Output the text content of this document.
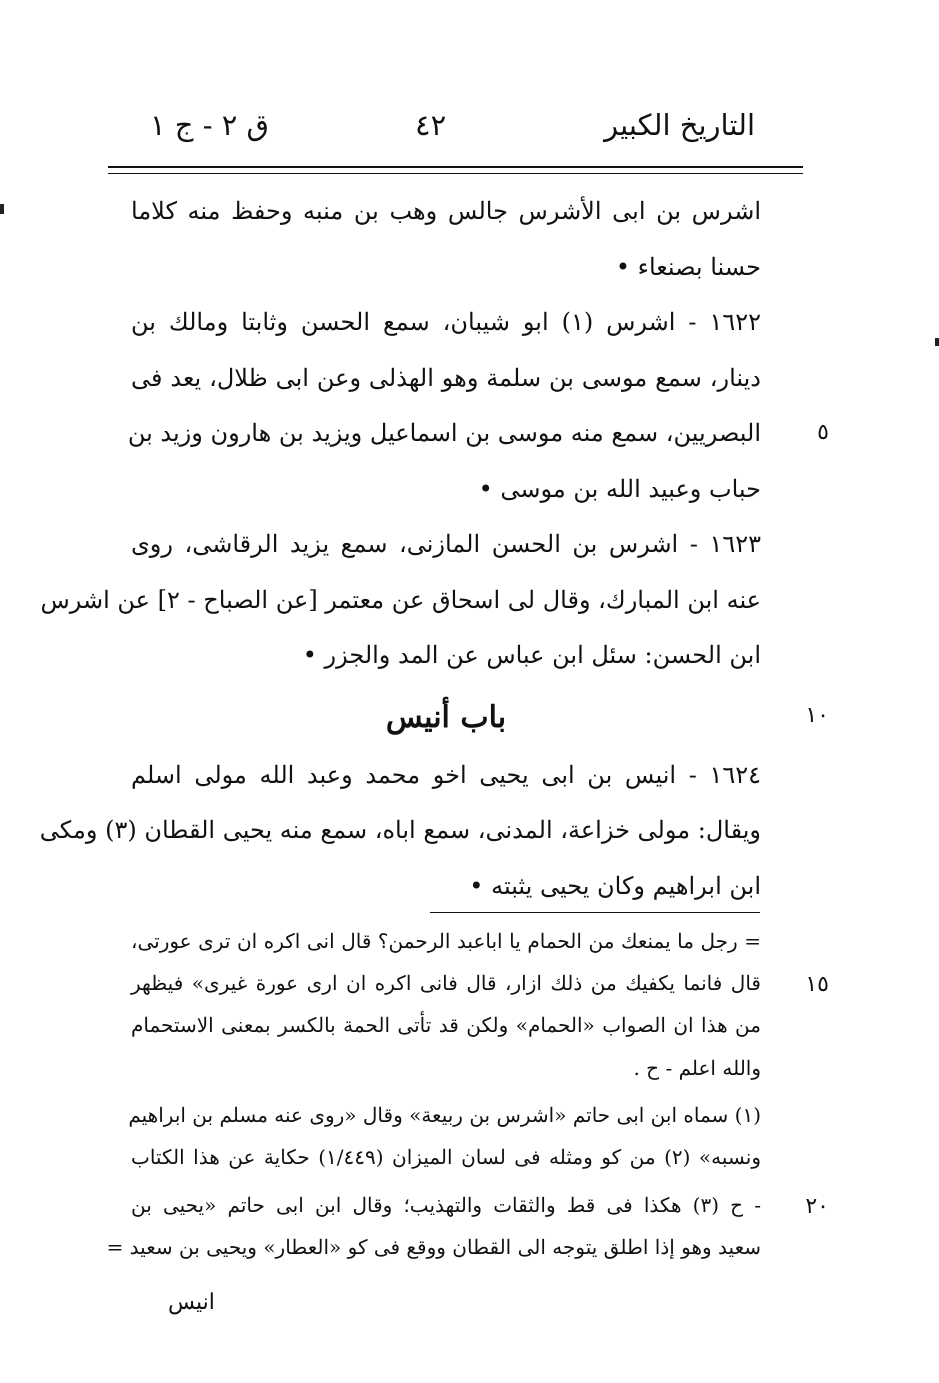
التاريخ الكبير
٤٢
ق ٢ - ج ١
اشرس بن ابى الأشرس جالس وهب بن منبه وحفظ منه كلاما
حسنا بصنعاء •
١٦٢٢ - اشرس (١) ابو شيبان، سمع الحسن وثابتا ومالك بن
دينار، سمع موسى بن سلمة وهو الهذلى وعن ابى ظلال، يعد فى
البصريين، سمع منه موسى بن اسماعيل ويزيد بن هارون وزيد بن
حباب وعبيد الله بن موسى •
١٦٢٣ - اشرس بن الحسن المازنى، سمع يزيد الرقاشى، روى
عنه ابن المبارك، وقال لى اسحاق عن معتمر [عن الصباح - ٢] عن اشرس
ابن الحسن: سئل ابن عباس عن المد والجزر •
باب أنيس
١٦٢٤ - انيس بن ابى يحيى اخو محمد وعبد الله مولى اسلم
ويقال: مولى خزاعة، المدنى، سمع اباه، سمع منه يحيى القطان (٣) ومكى
ابن ابراهيم وكان يحيى يثبته •
= رجل ما يمنعك من الحمام يا اباعبد الرحمن؟ قال انى اكره ان ترى عورتى،
قال فانما يكفيك من ذلك ازار، قال فانى اكره ان ارى عورة غيرى» فيظهر
من هذا ان الصواب «الحمام» ولكن قد تأتى الحمة بالكسر بمعنى الاستحمام
والله اعلم - ح .
(١) سماه ابن ابى حاتم «اشرس بن ربيعة» وقال «روى عنه مسلم بن ابراهيم
ونسبه» (٢) من كو ومثله فى لسان الميزان (١/٤٤٩) حكاية عن هذا الكتاب
- ح (٣) هكذا فى قط والثقات والتهذيب؛ وقال ابن ابى حاتم «يحيى بن
سعيد وهو إذا اطلق يتوجه الى القطان ووقع فى كو «العطار» ويحيى بن سعيد =
انيس
٥
١٠
١٥
٢٠
